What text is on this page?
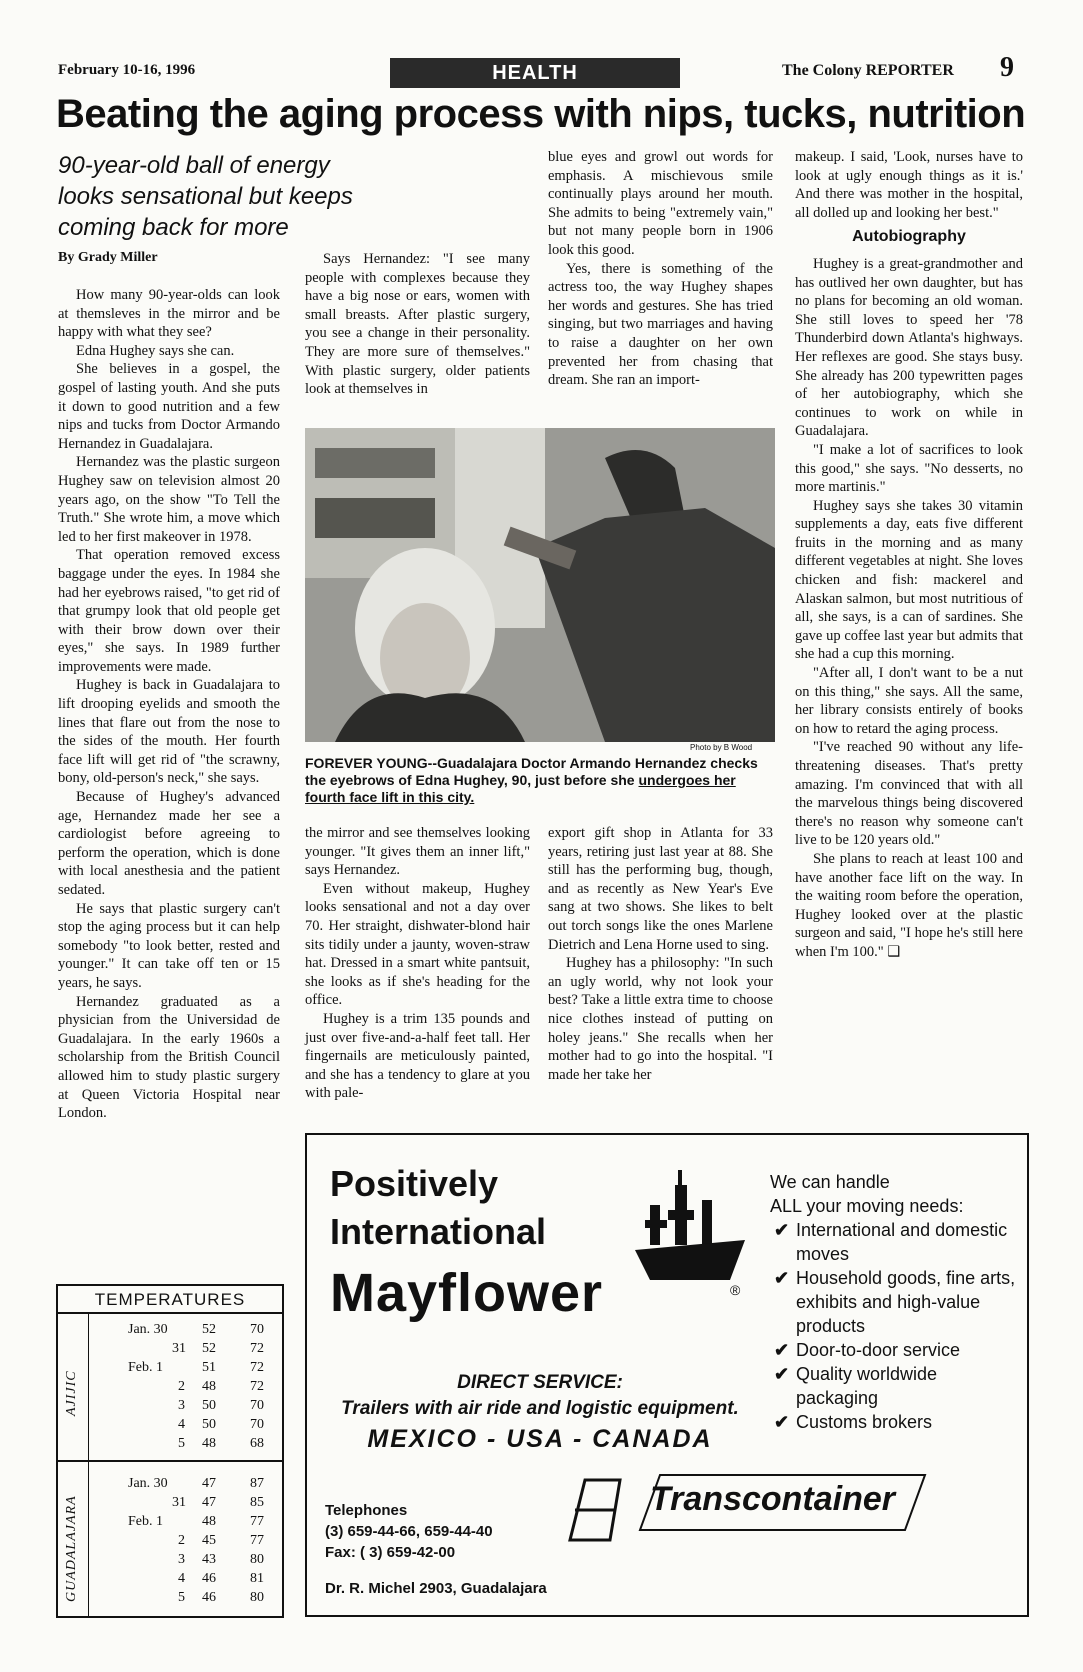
February 10-16, 1996	HEALTH	The Colony REPORTER 9
Beating the aging process with nips, tucks, nutrition
90-year-old ball of energy looks sensational but keeps coming back for more
By Grady Miller

How many 90-year-olds can look at themsleves in the mirror and be happy with what they see?

Edna Hughey says she can.

She believes in a gospel, the gospel of lasting youth. And she puts it down to good nutrition and a few nips and tucks from Doctor Armando Hernandez in Guadalajara.

Hernandez was the plastic surgeon Hughey saw on television almost 20 years ago, on the show "To Tell the Truth." She wrote him, a move which led to her first makeover in 1978.

That operation removed excess baggage under the eyes. In 1984 she had her eyebrows raised, "to get rid of that grumpy look that old people get with their brow down over their eyes," she says. In 1989 further improvements were made.

Hughey is back in Guadalajara to lift drooping eyelids and smooth the lines that flare out from the nose to the sides of the mouth. Her fourth face lift will get rid of "the scrawny, bony, old-person's neck," she says.

Because of Hughey's advanced age, Hernandez made her see a cardiologist before agreeing to perform the operation, which is done with local anesthesia and the patient sedated.

He says that plastic surgery can't stop the aging process but it can help somebody "to look better, rested and younger." It can take off ten or 15 years, he says.

Hernandez graduated as a physician from the Universidad de Guadalajara. In the early 1960s a scholarship from the British Council allowed him to study plastic surgery at Queen Victoria Hospital near London.

Says Hernandez: "I see many people with complexes because they have a big nose or ears, women with small breasts. After plastic surgery, you see a change in their personality. They are more sure of themselves." With plastic surgery, older patients look at themselves in

blue eyes and growl out words for emphasis. A mischievous smile continually plays around her mouth. She admits to being "extremely vain," but not many people born in 1906 look this good.

Yes, there is something of the actress too, the way Hughey shapes her words and gestures. She has tried singing, but two marriages and having to raise a daughter on her own prevented her from chasing that dream. She ran an import-

Photo by B Wood
FOREVER YOUNG--Guadalajara Doctor Armando Hernandez checks the eyebrows of Edna Hughey, 90, just before she undergoes her fourth face lift in this city.

the mirror and see themselves looking younger. "It gives them an inner lift," says Hernandez.

Even without makeup, Hughey looks sensational and not a day over 70. Her straight, dishwater-blond hair sits tidily under a jaunty, woven-straw hat. Dressed in a smart white pantsuit, she looks as if she's heading for the office.

Hughey is a trim 135 pounds and just over five-and-a-half feet tall. Her fingernails are meticulously painted, and she has a tendency to glare at you with pale-

export gift shop in Atlanta for 33 years, retiring just last year at 88. She still has the performing bug, though, and as recently as New Year's Eve sang at two shows. She likes to belt out torch songs like the ones Marlene Dietrich and Lena Horne used to sing.

Hughey has a philosophy: "In such an ugly world, why not look your best? Take a little extra time to choose nice clothes instead of putting on holey jeans." She recalls when her mother had to go into the hospital. "I made her take her

makeup. I said, 'Look, nurses have to look at ugly enough things as it is.' And there was mother in the hospital, all dolled up and looking her best."

Autobiography

Hughey is a great-grandmother and has outlived her own daughter, but has no plans for becoming an old woman. She still loves to speed her '78 Thunderbird down Atlanta's highways. Her reflexes are good. She stays busy. She already has 200 typewritten pages of her autobiography, which she continues to work on while in Guadalajara.

"I make a lot of sacrifices to look this good," she says. "No desserts, no more martinis."

Hughey says she takes 30 vitamin supplements a day, eats five different fruits in the morning and as many different vegetables at night. She loves chicken and fish: mackerel and Alaskan salmon, but most nutritious of all, she says, is a can of sardines. She gave up coffee last year but admits that she had a cup this morning.

"After all, I don't want to be a nut on this thing," she says. All the same, her library consists entirely of books on how to retard the aging process.

"I've reached 90 without any life-threatening diseases. That's pretty amazing. I'm convinced that with all the marvelous things being discovered there's no reason why someone can't live to be 120 years old."

She plans to reach at least 100 and have another face lift on the way. In the waiting room before the operation, Hughey looked over at the plastic surgeon and said, "I hope he's still here when I'm 100." ❑

TEMPERATURES
AJIJIC
GUADALAJARA
Jan. 30 52 70
31 52 72
Feb. 1	51 72
2 48 72
3 50 70
4 50 70
5 48 68
Jan. 30 47 87
31 47 85
Feb. 1	48 77
2 45 77
3 43 80
4 46 81
5 46 80
Positively
International
Mayflower	®
We can handle
ALL your moving needs:
✔ International and domestic moves
✔ Household goods, fine arts, exhibits and high-value products
✔ Door-to-door service
✔ Quality worldwide packaging
✔ Customs brokers
DIRECT SERVICE:
Trailers with air ride and logistic equipment.
MEXICO - USA - CANADA
Telephones
(3) 659-44-66, 659-44-40
Fax: ( 3) 659-42-00
Dr. R. Michel 2903, Guadalajara
Transcontainer
